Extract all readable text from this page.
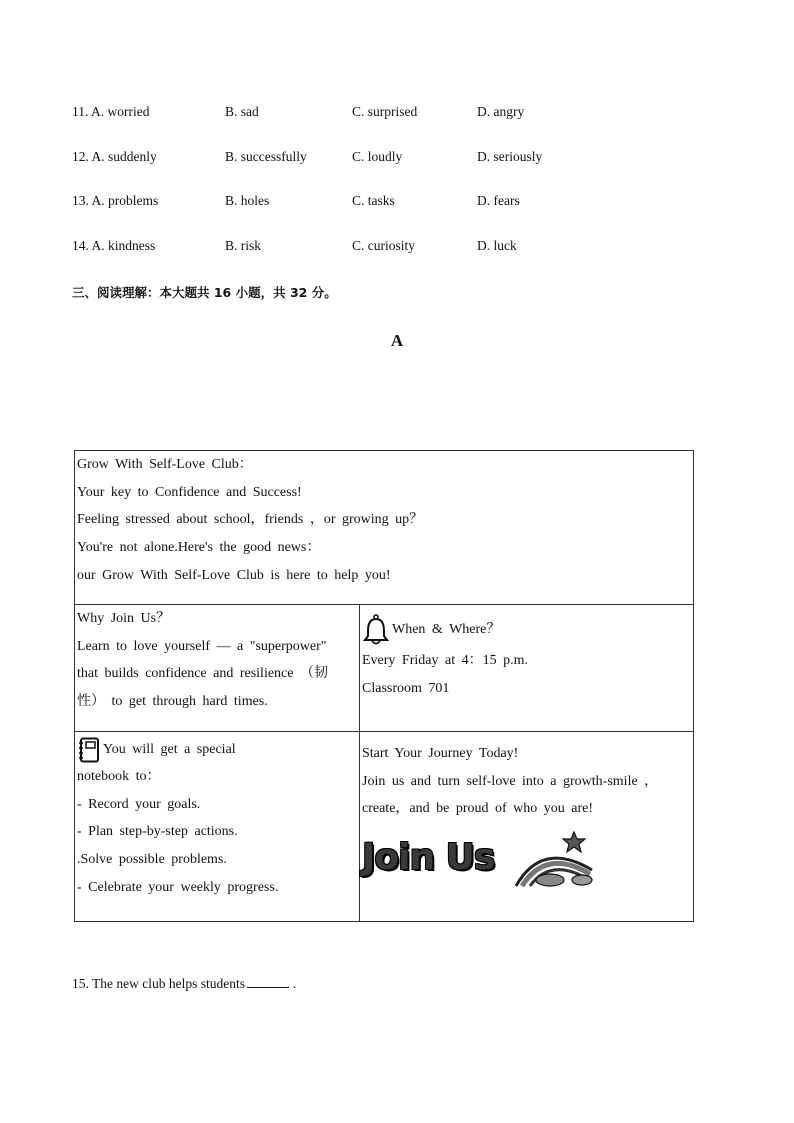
11. A. worried	B. sad	C. surprised	D. angry
12. A. suddenly	B. successfully	C. loudly	D. seriously
13. A. problems	B. holes	C. tasks	D. fears
14. A. kindness	B. risk	C. curiosity	D. luck
三、阅读理解：本大题共 16 小题，共 32 分。
A
Grow With Self-Love Club：
Your key to Confidence and Success!
Feeling stressed about school，friends ，or growing up？
You're not alone.Here's the good news：
our Grow With Self-Love Club is here to help you!
Why Join Us？
Learn to love yourself — a "superpower"
that builds confidence and resilience （韧
性） to get through hard times.
When & Where？
Every Friday at 4：15 p.m.
Classroom 701
You will get a special
notebook to：
- Record your goals.
- Plan step-by-step actions.
.Solve possible problems.
- Celebrate your weekly progress.
Start Your Journey Today!
Join us and turn self-love into a growth-smile ，
create，and be proud of who you are!
Join Us
15. The new club helps students	.
